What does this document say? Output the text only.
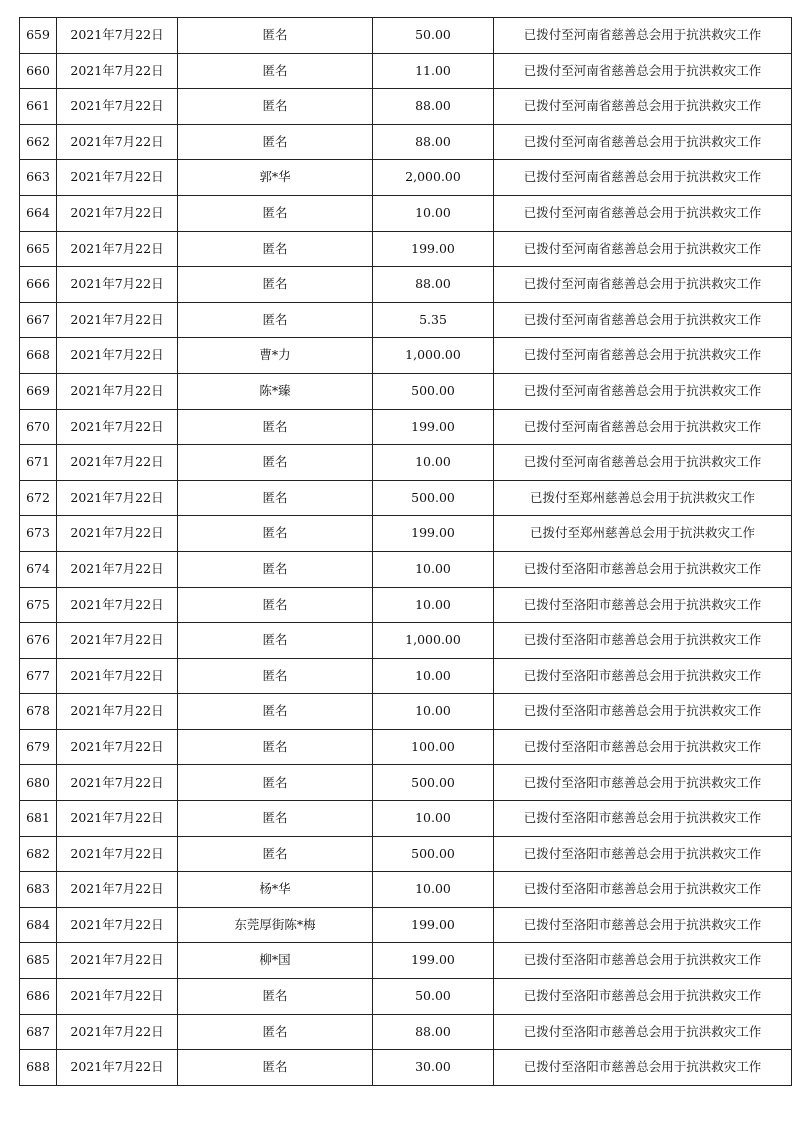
659	2021年7月22日	匿名	50.00	已拨付至河南省慈善总会用于抗洪救灾工作
660	2021年7月22日	匿名	11.00	已拨付至河南省慈善总会用于抗洪救灾工作
661	2021年7月22日	匿名	88.00	已拨付至河南省慈善总会用于抗洪救灾工作
662	2021年7月22日	匿名	88.00	已拨付至河南省慈善总会用于抗洪救灾工作
663	2021年7月22日	郭*华	2,000.00	已拨付至河南省慈善总会用于抗洪救灾工作
664	2021年7月22日	匿名	10.00	已拨付至河南省慈善总会用于抗洪救灾工作
665	2021年7月22日	匿名	199.00	已拨付至河南省慈善总会用于抗洪救灾工作
666	2021年7月22日	匿名	88.00	已拨付至河南省慈善总会用于抗洪救灾工作
667	2021年7月22日	匿名	5.35	已拨付至河南省慈善总会用于抗洪救灾工作
668	2021年7月22日	曹*力	1,000.00	已拨付至河南省慈善总会用于抗洪救灾工作
669	2021年7月22日	陈*臻	500.00	已拨付至河南省慈善总会用于抗洪救灾工作
670	2021年7月22日	匿名	199.00	已拨付至河南省慈善总会用于抗洪救灾工作
671	2021年7月22日	匿名	10.00	已拨付至河南省慈善总会用于抗洪救灾工作
672	2021年7月22日	匿名	500.00	已拨付至郑州慈善总会用于抗洪救灾工作
673	2021年7月22日	匿名	199.00	已拨付至郑州慈善总会用于抗洪救灾工作
674	2021年7月22日	匿名	10.00	已拨付至洛阳市慈善总会用于抗洪救灾工作
675	2021年7月22日	匿名	10.00	已拨付至洛阳市慈善总会用于抗洪救灾工作
676	2021年7月22日	匿名	1,000.00	已拨付至洛阳市慈善总会用于抗洪救灾工作
677	2021年7月22日	匿名	10.00	已拨付至洛阳市慈善总会用于抗洪救灾工作
678	2021年7月22日	匿名	10.00	已拨付至洛阳市慈善总会用于抗洪救灾工作
679	2021年7月22日	匿名	100.00	已拨付至洛阳市慈善总会用于抗洪救灾工作
680	2021年7月22日	匿名	500.00	已拨付至洛阳市慈善总会用于抗洪救灾工作
681	2021年7月22日	匿名	10.00	已拨付至洛阳市慈善总会用于抗洪救灾工作
682	2021年7月22日	匿名	500.00	已拨付至洛阳市慈善总会用于抗洪救灾工作
683	2021年7月22日	杨*华	10.00	已拨付至洛阳市慈善总会用于抗洪救灾工作
684	2021年7月22日	东莞厚街陈*梅	199.00	已拨付至洛阳市慈善总会用于抗洪救灾工作
685	2021年7月22日	柳*国	199.00	已拨付至洛阳市慈善总会用于抗洪救灾工作
686	2021年7月22日	匿名	50.00	已拨付至洛阳市慈善总会用于抗洪救灾工作
687	2021年7月22日	匿名	88.00	已拨付至洛阳市慈善总会用于抗洪救灾工作
688	2021年7月22日	匿名	30.00	已拨付至洛阳市慈善总会用于抗洪救灾工作
